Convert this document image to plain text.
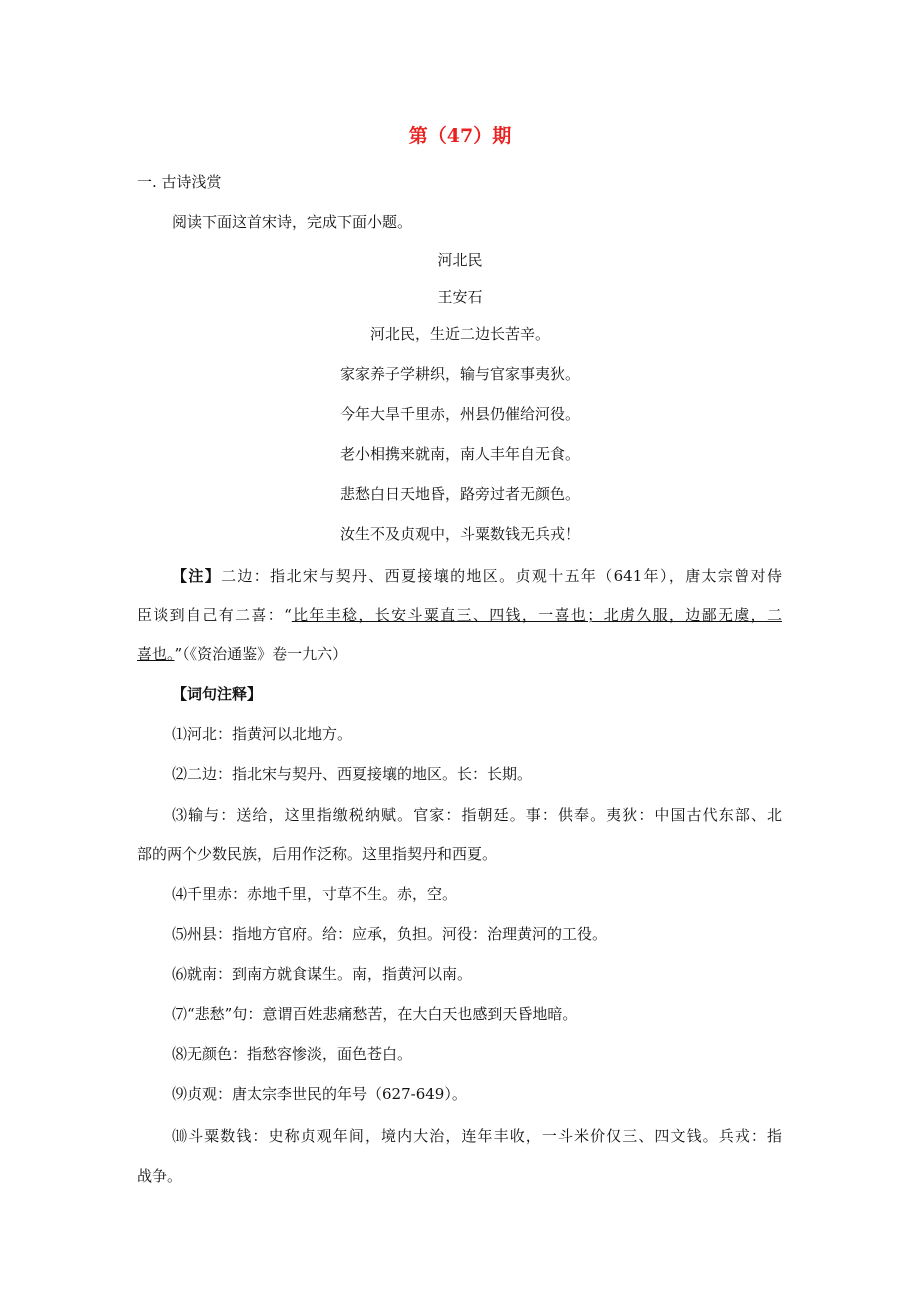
第（47）期
一. 古诗浅赏
阅读下面这首宋诗，完成下面小题。
河北民
王安石
河北民，生近二边长苦辛。
家家养子学耕织，输与官家事夷狄。
今年大旱千里赤，州县仍催给河役。
老小相携来就南，南人丰年自无食。
悲愁白日天地昏，路旁过者无颜色。
汝生不及贞观中，斗粟数钱无兵戎！
【注】二边：指北宋与契丹、西夏接壤的地区。贞观十五年（641年），唐太宗曾对侍
臣谈到自己有二喜：“比年丰稔，长安斗粟直三、四钱，一喜也；北虏久服，边鄙无虞，二
喜也。”（《资治通鉴》卷一九六）
【词句注释】
⑴河北：指黄河以北地方。
⑵二边：指北宋与契丹、西夏接壤的地区。长：长期。
⑶输与：送给，这里指缴税纳赋。官家：指朝廷。事：供奉。夷狄：中国古代东部、北
部的两个少数民族，后用作泛称。这里指契丹和西夏。
⑷千里赤：赤地千里，寸草不生。赤，空。
⑸州县：指地方官府。给：应承，负担。河役：治理黄河的工役。
⑹就南：到南方就食谋生。南，指黄河以南。
⑺“悲愁”句：意谓百姓悲痛愁苦，在大白天也感到天昏地暗。
⑻无颜色：指愁容惨淡，面色苍白。
⑼贞观：唐太宗李世民的年号（627-649）。
⑽斗粟数钱：史称贞观年间，境内大治，连年丰收，一斗米价仅三、四文钱。兵戎：指
战争。
